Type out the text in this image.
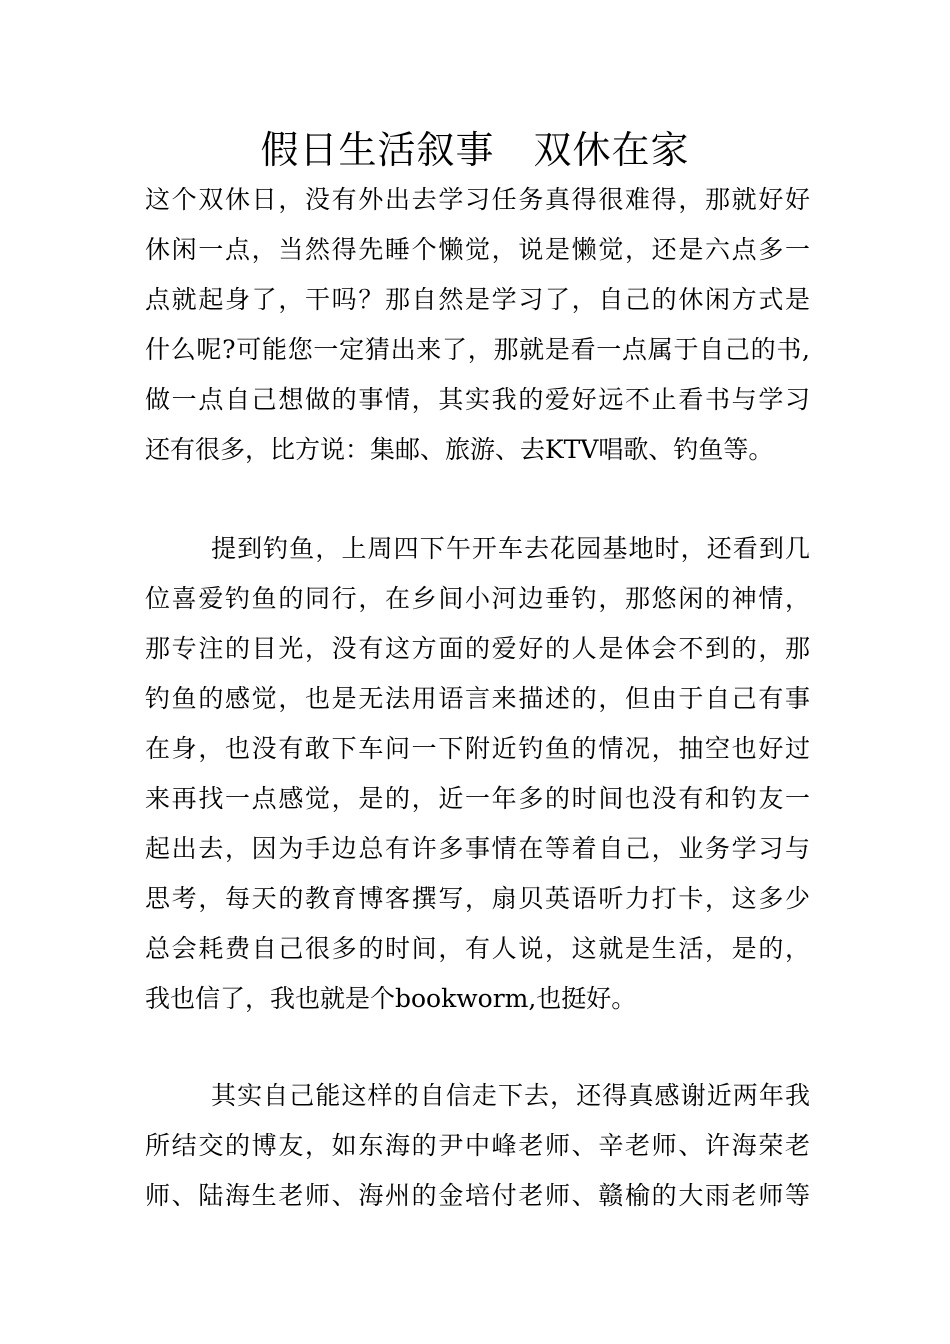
假日生活叙事　双休在家
这个双休日，没有外出去学习任务真得很难得，那就好好
休闲一点，当然得先睡个懒觉，说是懒觉，还是六点多一
点就起身了，干吗？那自然是学习了，自己的休闲方式是
什么呢?可能您一定猜出来了，那就是看一点属于自己的书,
做一点自己想做的事情，其实我的爱好远不止看书与学习
还有很多，比方说：集邮、旅游、去KTV唱歌、钓鱼等。
提到钓鱼，上周四下午开车去花园基地时，还看到几
位喜爱钓鱼的同行，在乡间小河边垂钓，那悠闲的神情，
那专注的目光，没有这方面的爱好的人是体会不到的，那
钓鱼的感觉，也是无法用语言来描述的，但由于自己有事
在身，也没有敢下车问一下附近钓鱼的情况，抽空也好过
来再找一点感觉，是的，近一年多的时间也没有和钓友一
起出去，因为手边总有许多事情在等着自己，业务学习与
思考，每天的教育博客撰写，扇贝英语听力打卡，这多少
总会耗费自己很多的时间，有人说，这就是生活，是的，
我也信了，我也就是个bookworm,也挺好。
其实自己能这样的自信走下去，还得真感谢近两年我
所结交的博友，如东海的尹中峰老师、辛老师、许海荣老
师、陆海生老师、海州的金培付老师、赣榆的大雨老师等
